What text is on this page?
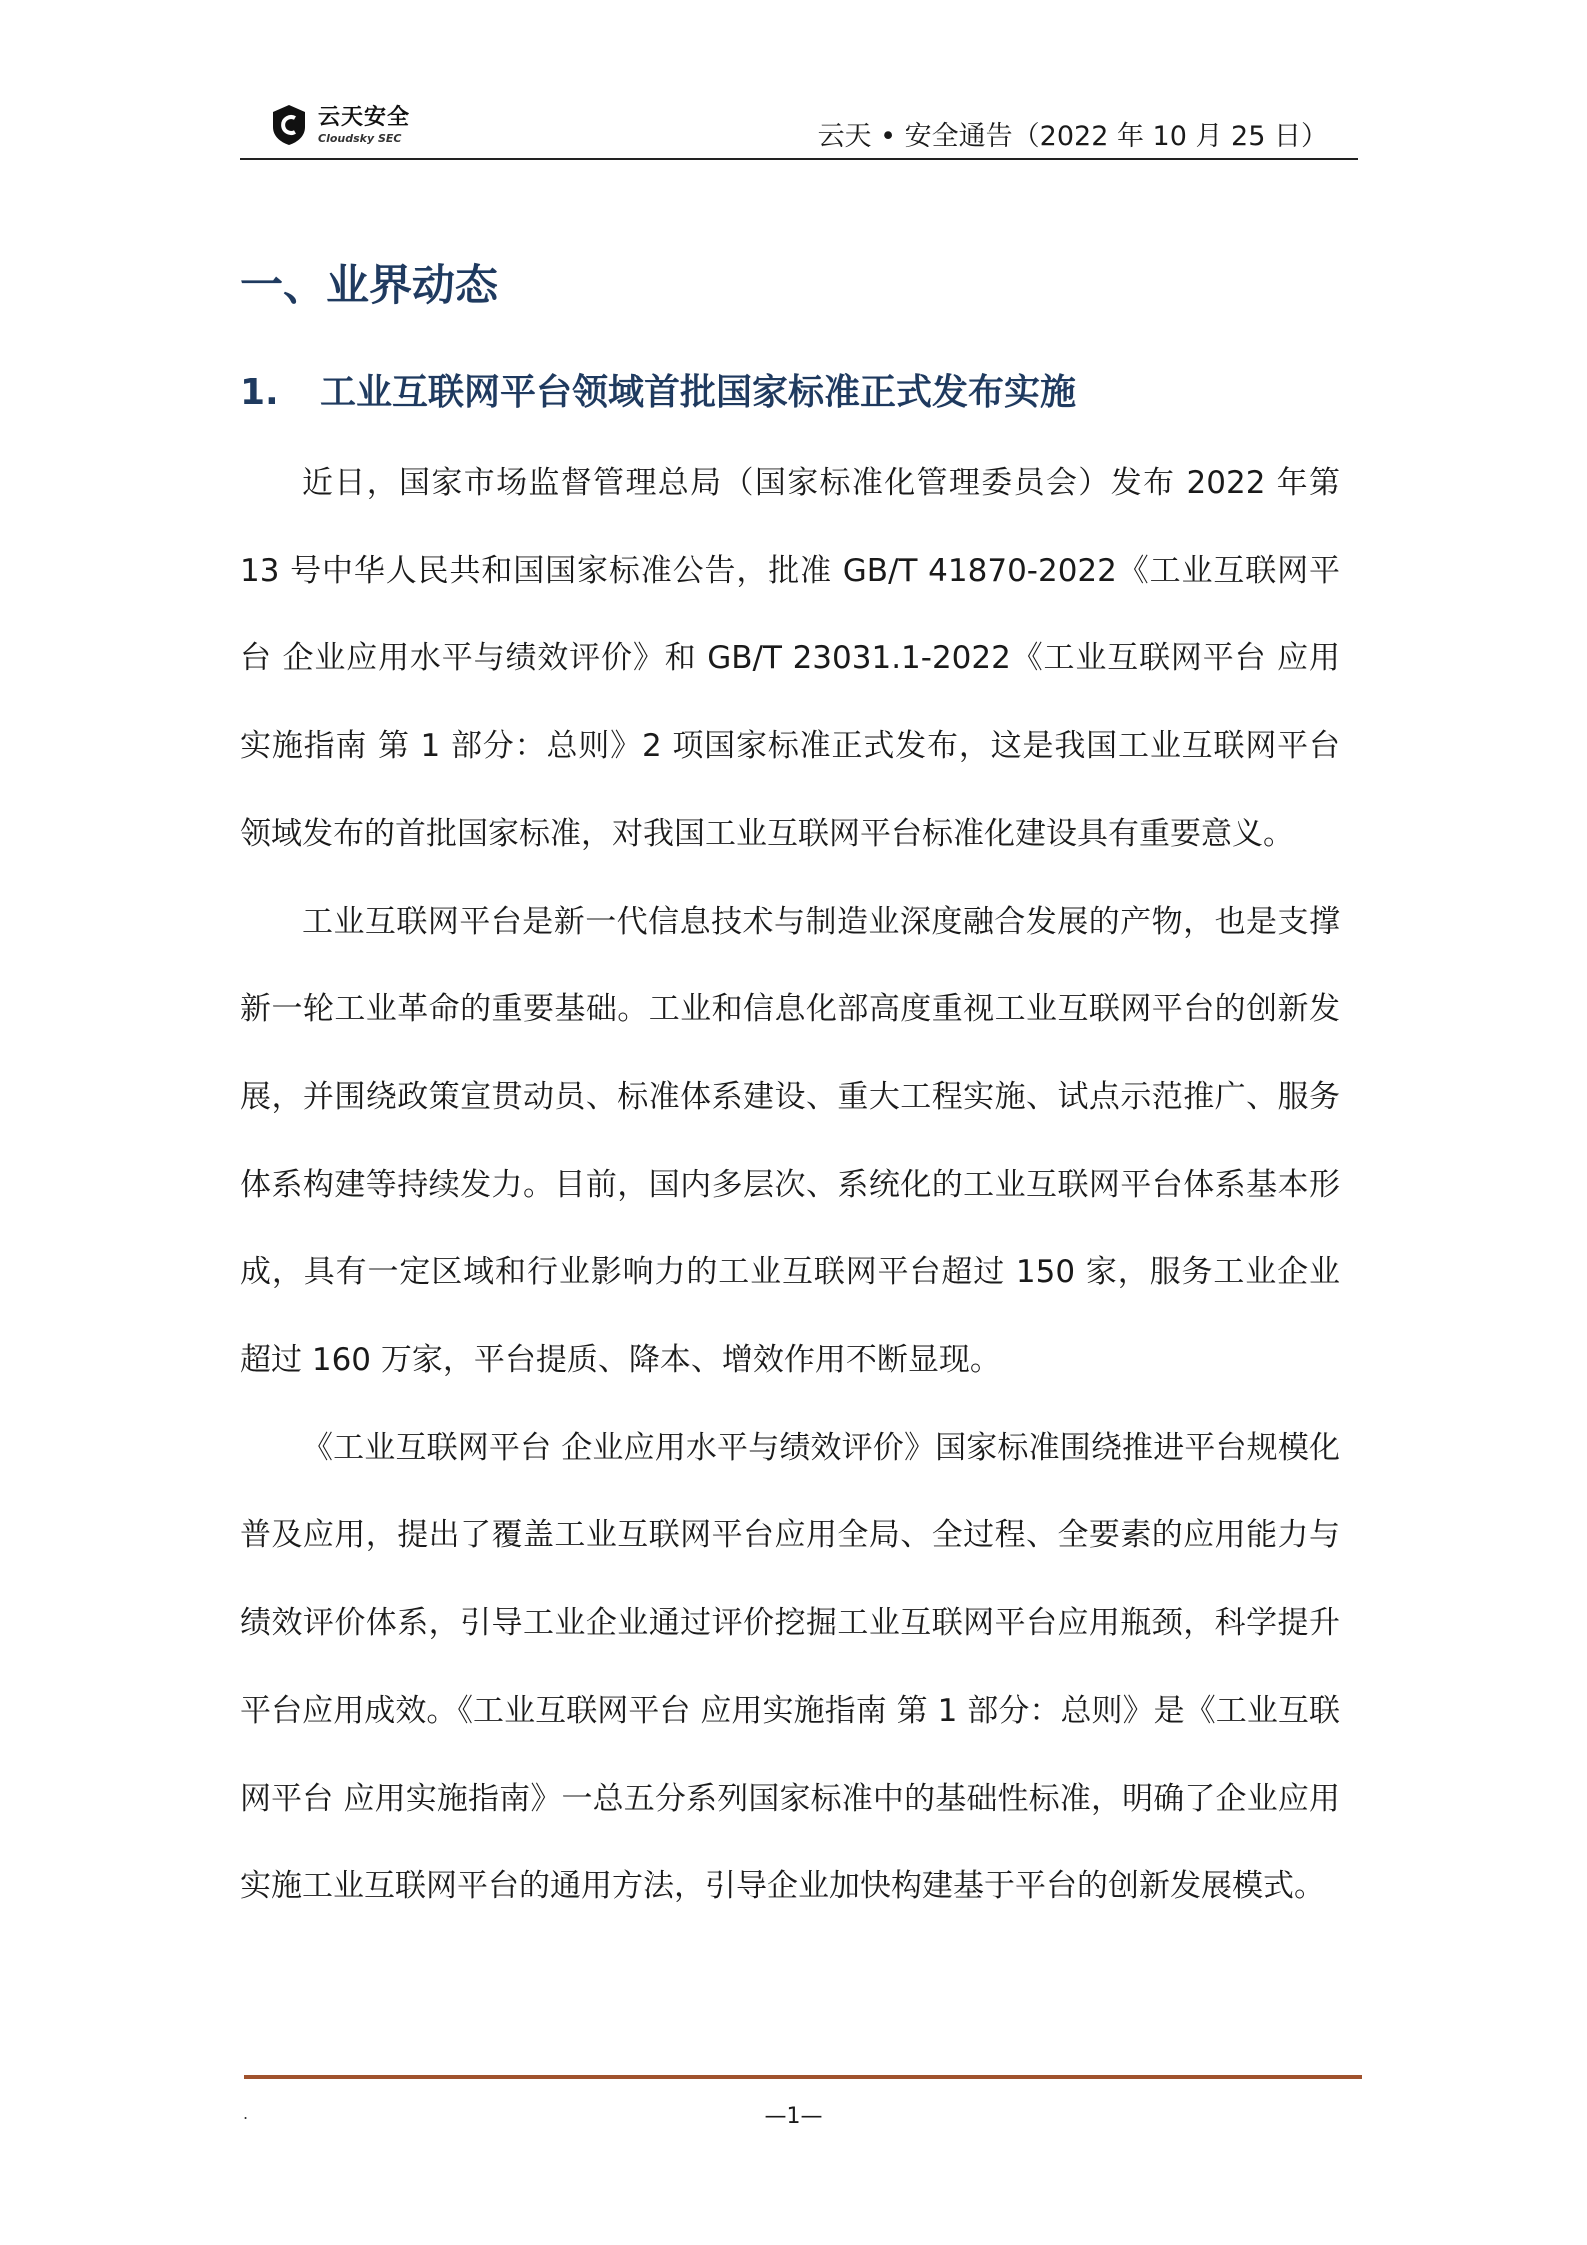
云天安全
Cloudsky SEC	云天 • 安全通告（2022 年 10 月 25 日）
一、业界动态
1. 工业互联网平台领域首批国家标准正式发布实施

近日，国家市场监督管理总局（国家标准化管理委员会）发布 2022 年第 13 号中华人民共和国国家标准公告，批准 GB/T 41870-2022《工业互联网平台 企业应用水平与绩效评价》和 GB/T 23031.1-2022《工业互联网平台 应用实施指南 第 1 部分：总则》2 项国家标准正式发布，这是我国工业互联网平台领域发布的首批国家标准，对我国工业互联网平台标准化建设具有重要意义。

工业互联网平台是新一代信息技术与制造业深度融合发展的产物，也是支撑新一轮工业革命的重要基础。工业和信息化部高度重视工业互联网平台的创新发展，并围绕政策宣贯动员、标准体系建设、重大工程实施、试点示范推广、服务体系构建等持续发力。目前，国内多层次、系统化的工业互联网平台体系基本形成，具有一定区域和行业影响力的工业互联网平台超过 150 家，服务工业企业超过 160 万家，平台提质、降本、增效作用不断显现。

《工业互联网平台 企业应用水平与绩效评价》国家标准围绕推进平台规模化普及应用，提出了覆盖工业互联网平台应用全局、全过程、全要素的应用能力与绩效评价体系，引导工业企业通过评价挖掘工业互联网平台应用瓶颈，科学提升平台应用成效。《工业互联网平台 应用实施指南 第 1 部分：总则》是《工业互联网平台 应用实施指南》一总五分系列国家标准中的基础性标准，明确了企业应用实施工业互联网平台的通用方法，引导企业加快构建基于平台的创新发展模式。

.	—1—
